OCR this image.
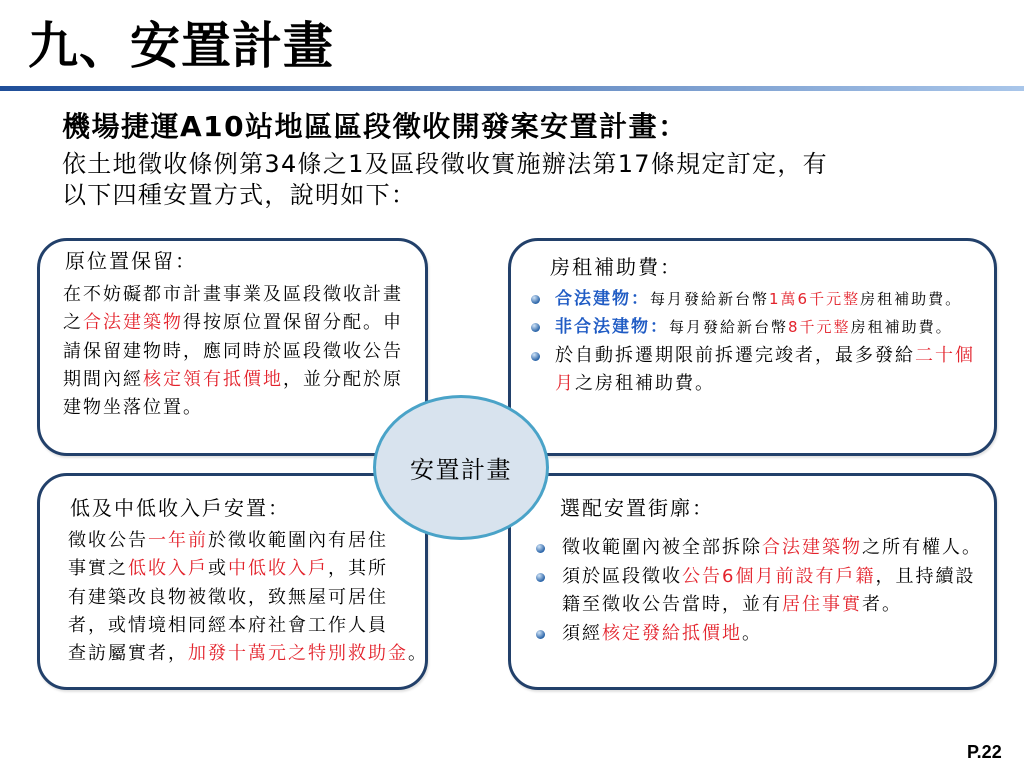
九、安置計畫
機場捷運A10站地區區段徵收開發案安置計畫：
依土地徵收條例第34條之1及區段徵收實施辦法第17條規定訂定，有
以下四種安置方式，說明如下：
原位置保留：
在不妨礙都市計畫事業及區段徵收計畫
之合法建築物得按原位置保留分配。申
請保留建物時，應同時於區段徵收公告
期間內經核定領有抵價地，並分配於原
建物坐落位置。
房租補助費：
合法建物：每月發給新台幣1萬6千元整房租補助費。
非合法建物：每月發給新台幣8千元整房租補助費。
於自動拆遷期限前拆遷完竣者，最多發給二十個
月之房租補助費。
低及中低收入戶安置：
徵收公告一年前於徵收範圍內有居住
事實之低收入戶或中低收入戶，其所
有建築改良物被徵收，致無屋可居住
者，或情境相同經本府社會工作人員
查訪屬實者，加發十萬元之特別救助金。
選配安置街廓：
徵收範圍內被全部拆除合法建築物之所有權人。
須於區段徵收公告6個月前設有戶籍，且持續設
籍至徵收公告當時，並有居住事實者。
須經核定發給抵價地。
安置計畫
P.22
